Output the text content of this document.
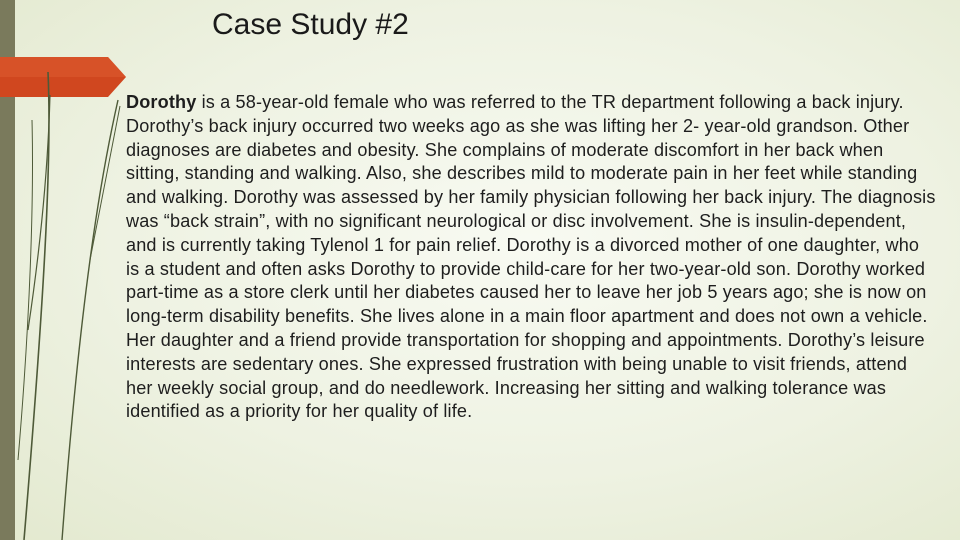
Case Study #2

Dorothy is a 58-year-old female who was referred to the TR department following a back injury. Dorothy’s back injury occurred two weeks ago as she was lifting her 2- year-old grandson. Other diagnoses are diabetes and obesity. She complains of moderate discomfort in her back when sitting, standing and walking. Also, she describes mild to moderate pain in her feet while standing and walking. Dorothy was assessed by her family physician following her back injury. The diagnosis was “back strain”, with no significant neurological or disc involvement. She is insulin-dependent, and is currently taking Tylenol 1 for pain relief. Dorothy is a divorced mother of one daughter, who is a student and often asks Dorothy to provide child-care for her two-year-old son. Dorothy worked part-time as a store clerk until her diabetes caused her to leave her job 5 years ago; she is now on long-term disability benefits. She lives alone in a main floor apartment and does not own a vehicle. Her daughter and a friend provide transportation for shopping and appointments. Dorothy’s leisure interests are sedentary ones. She expressed frustration with being unable to visit friends, attend her weekly social group, and do needlework. Increasing her sitting and walking tolerance was identified as a priority for her quality of life.
